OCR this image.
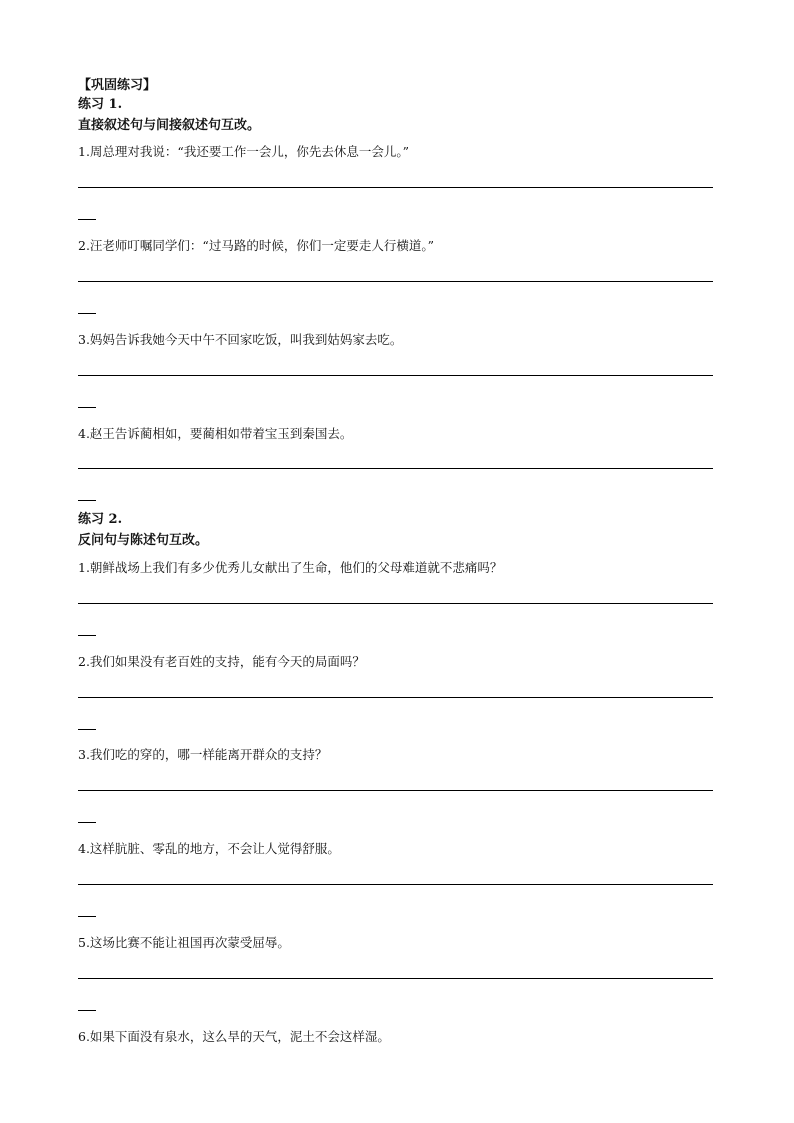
【巩固练习】
练习 1.
直接叙述句与间接叙述句互改。
1.周总理对我说：“我还要工作一会儿，你先去休息一会儿。”
2.汪老师叮嘱同学们：“过马路的时候，你们一定要走人行横道。”
3.妈妈告诉我她今天中午不回家吃饭，叫我到姑妈家去吃。
4.赵王告诉蔺相如，要蔺相如带着宝玉到秦国去。
练习 2.
反问句与陈述句互改。
1.朝鲜战场上我们有多少优秀儿女献出了生命，他们的父母难道就不悲痛吗？
2.我们如果没有老百姓的支持，能有今天的局面吗？
3.我们吃的穿的，哪一样能离开群众的支持？
4.这样肮脏、零乱的地方，不会让人觉得舒服。
5.这场比赛不能让祖国再次蒙受屈辱。
6.如果下面没有泉水，这么旱的天气，泥土不会这样湿。
